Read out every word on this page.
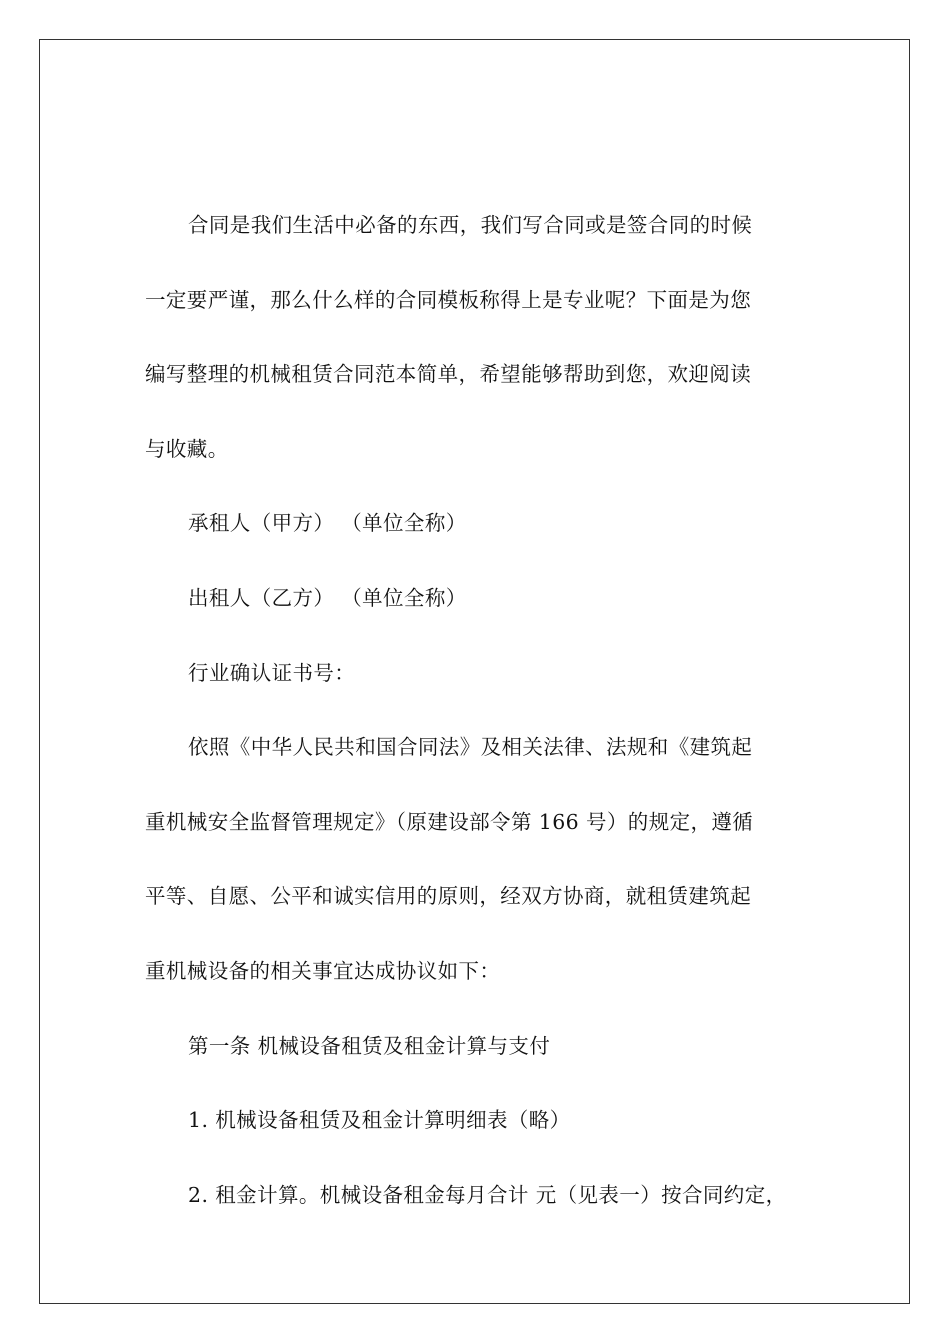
合同是我们生活中必备的东西，我们写合同或是签合同的时候
一定要严谨，那么什么样的合同模板称得上是专业呢？下面是为您
编写整理的机械租赁合同范本简单，希望能够帮助到您，欢迎阅读
与收藏。
承租人（甲方） （单位全称）
出租人（乙方） （单位全称）
行业确认证书号：
依照《中华人民共和国合同法》及相关法律、法规和《建筑起
重机械安全监督管理规定》（原建设部令第 166 号）的规定，遵循
平等、自愿、公平和诚实信用的原则，经双方协商，就租赁建筑起
重机械设备的相关事宜达成协议如下：
第一条 机械设备租赁及租金计算与支付
1. 机械设备租赁及租金计算明细表（略）
2. 租金计算。机械设备租金每月合计 元（见表一）按合同约定，
